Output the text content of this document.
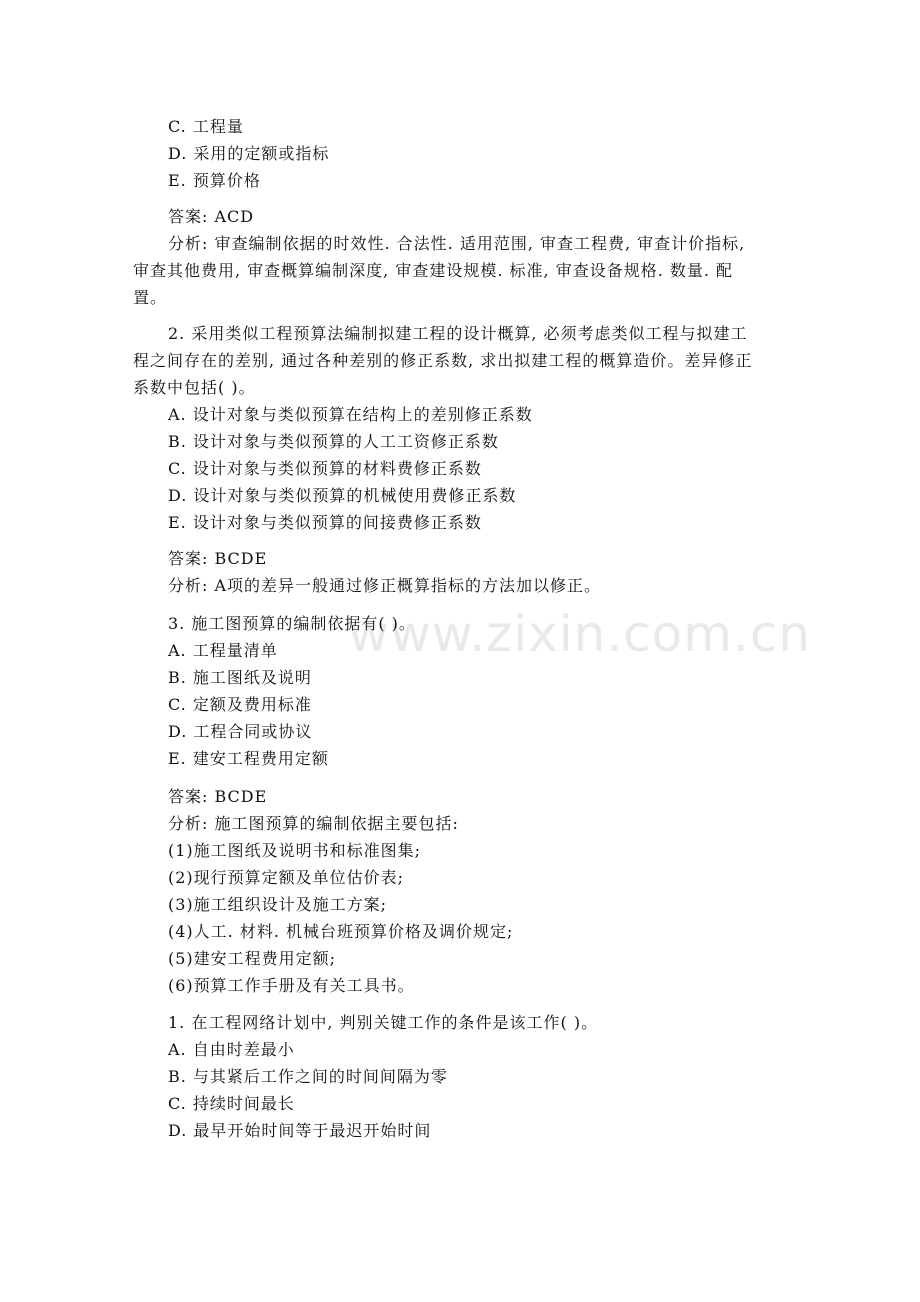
www.zixin.com.cn
C. 工程量
D. 采用的定额或指标
E. 预算价格
答案: ACD
分析: 审查编制依据的时效性. 合法性. 适用范围, 审查工程费, 审查计价指标,
审查其他费用, 审查概算编制深度, 审查建设规模. 标准, 审查设备规格. 数量. 配
置。
2. 采用类似工程预算法编制拟建工程的设计概算, 必须考虑类似工程与拟建工
程之间存在的差别, 通过各种差别的修正系数, 求出拟建工程的概算造价。差异修正
系数中包括( )。
A. 设计对象与类似预算在结构上的差别修正系数
B. 设计对象与类似预算的人工工资修正系数
C. 设计对象与类似预算的材料费修正系数
D. 设计对象与类似预算的机械使用费修正系数
E. 设计对象与类似预算的间接费修正系数
答案: BCDE
分析: A项的差异一般通过修正概算指标的方法加以修正。
3. 施工图预算的编制依据有( )。
A. 工程量清单
B. 施工图纸及说明
C. 定额及费用标准
D. 工程合同或协议
E. 建安工程费用定额
答案: BCDE
分析: 施工图预算的编制依据主要包括:
(1)施工图纸及说明书和标准图集;
(2)现行预算定额及单位估价表;
(3)施工组织设计及施工方案;
(4)人工. 材料. 机械台班预算价格及调价规定;
(5)建安工程费用定额;
(6)预算工作手册及有关工具书。
1. 在工程网络计划中, 判别关键工作的条件是该工作( )。
A. 自由时差最小
B. 与其紧后工作之间的时间间隔为零
C. 持续时间最长
D. 最早开始时间等于最迟开始时间
